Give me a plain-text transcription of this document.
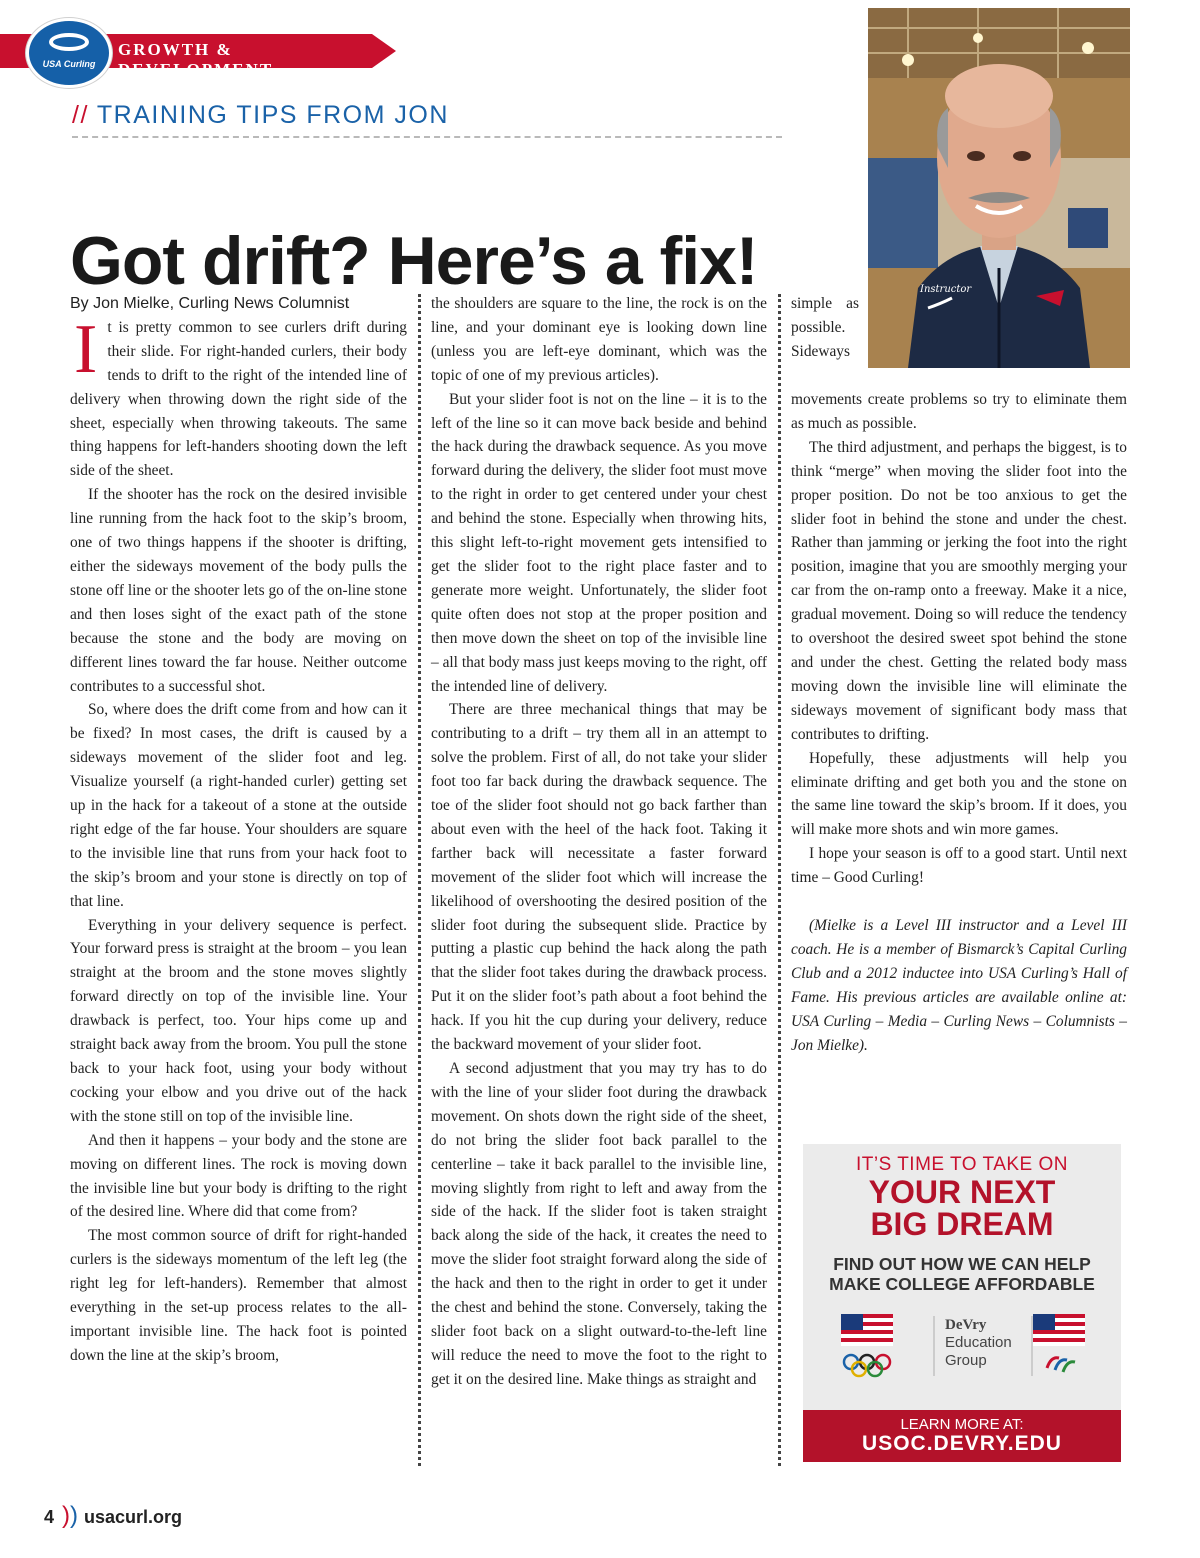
GROWTH & DEVELOPMENT
USA Curling
// TRAINING TIPS FROM JON
Got drift? Here’s a fix!	Instructor

By Jon Mielke, Curling News Columnist

It is pretty common to see curlers drift during their slide. For right-handed curlers, their body tends to drift to the right of the intended line of delivery when throwing down the right side of the sheet, especially when throwing takeouts. The same thing happens for left-handers shooting down the left side of the sheet.

If the shooter has the rock on the desired invisible line running from the hack foot to the skip’s broom, one of two things happens if the shooter is drifting, either the sideways movement of the body pulls the stone off line or the shooter lets go of the on-line stone and then loses sight of the exact path of the stone because the stone and the body are moving on different lines toward the far house. Neither outcome contributes to a successful shot.

So, where does the drift come from and how can it be fixed? In most cases, the drift is caused by a sideways movement of the slider foot and leg. Visualize yourself (a right-handed curler) getting set up in the hack for a takeout of a stone at the outside right edge of the far house. Your shoulders are square to the invisible line that runs from your hack foot to the skip’s broom and your stone is directly on top of that line.

Everything in your delivery sequence is perfect. Your forward press is straight at the broom – you lean straight at the broom and the stone moves slightly forward directly on top of the invisible line. Your drawback is perfect, too. Your hips come up and straight back away from the broom. You pull the stone back to your hack foot, using your body without cocking your elbow and you drive out of the hack with the stone still on top of the invisible line.

And then it happens – your body and the stone are moving on different lines. The rock is moving down the invisible line but your body is drifting to the right of the desired line. Where did that come from?

The most common source of drift for right-handed curlers is the sideways momentum of the left leg (the right leg for left-handers). Remember that almost everything in the set-up process relates to the all-important invisible line. The hack foot is pointed down the line at the skip’s broom,

the shoulders are square to the line, the rock is on the line, and your dominant eye is looking down line (unless you are left-eye dominant, which was the topic of one of my previous articles).

But your slider foot is not on the line – it is to the left of the line so it can move back beside and behind the hack during the drawback sequence. As you move forward during the delivery, the slider foot must move to the right in order to get centered under your chest and behind the stone. Especially when throwing hits, this slight left-to-right movement gets intensified to get the slider foot to the right place faster and to generate more weight. Unfortunately, the slider foot quite often does not stop at the proper position and then move down the sheet on top of the invisible line – all that body mass just keeps moving to the right, off the intended line of delivery.

There are three mechanical things that may be contributing to a drift – try them all in an attempt to solve the problem. First of all, do not take your slider foot too far back during the drawback sequence. The toe of the slider foot should not go back farther than about even with the heel of the hack foot. Taking it farther back will necessitate a faster forward movement of the slider foot which will increase the likelihood of overshooting the desired position of the slider foot during the subsequent slide. Practice by putting a plastic cup behind the hack along the path that the slider foot takes during the drawback process. Put it on the slider foot’s path about a foot behind the hack. If you hit the cup during your delivery, reduce the backward movement of your slider foot.

A second adjustment that you may try has to do with the line of your slider foot during the drawback movement. On shots down the right side of the sheet, do not bring the slider foot back parallel to the centerline – take it back parallel to the invisible line, moving slightly from right to left and away from the side of the hack. If the slider foot is taken straight back along the side of the hack, it creates the need to move the slider foot straight forward along the side of the hack and then to the right in order to get it under the chest and behind the stone. Conversely, taking the slider foot back on a slight outward-to-the-left line will reduce the need to move the foot to the right to get it on the desired line. Make things as straight and

simple as possible. Sideways movements create problems so try to eliminate them as much as possible.

The third adjustment, and perhaps the biggest, is to think “merge” when moving the slider foot into the proper position. Do not be too anxious to get the slider foot in behind the stone and under the chest. Rather than jamming or jerking the foot into the right position, imagine that you are smoothly merging your car from the on-ramp onto a freeway. Make it a nice, gradual movement. Doing so will reduce the tendency to overshoot the desired sweet spot behind the stone and under the chest. Getting the related body mass moving down the invisible line will eliminate the sideways movement of significant body mass that contributes to drifting.

Hopefully, these adjustments will help you eliminate drifting and get both you and the stone on the same line toward the skip’s broom. If it does, you will make more shots and win more games.

I hope your season is off to a good start. Until next time – Good Curling!

(Mielke is a Level III instructor and a Level III coach. He is a member of Bismarck’s Capital Curling Club and a 2012 inductee into USA Curling’s Hall of Fame. His previous articles are available online at: USA Curling – Media – Curling News – Columnists – Jon Mielke).

IT’S TIME TO TAKE ON
YOUR NEXT
BIG DREAM
FIND OUT HOW WE CAN HELP
MAKE COLLEGE AFFORDABLE
DeVry
Education
Group
LEARN MORE AT:
USOC.DEVRY.EDU
4 )) usacurl.org
